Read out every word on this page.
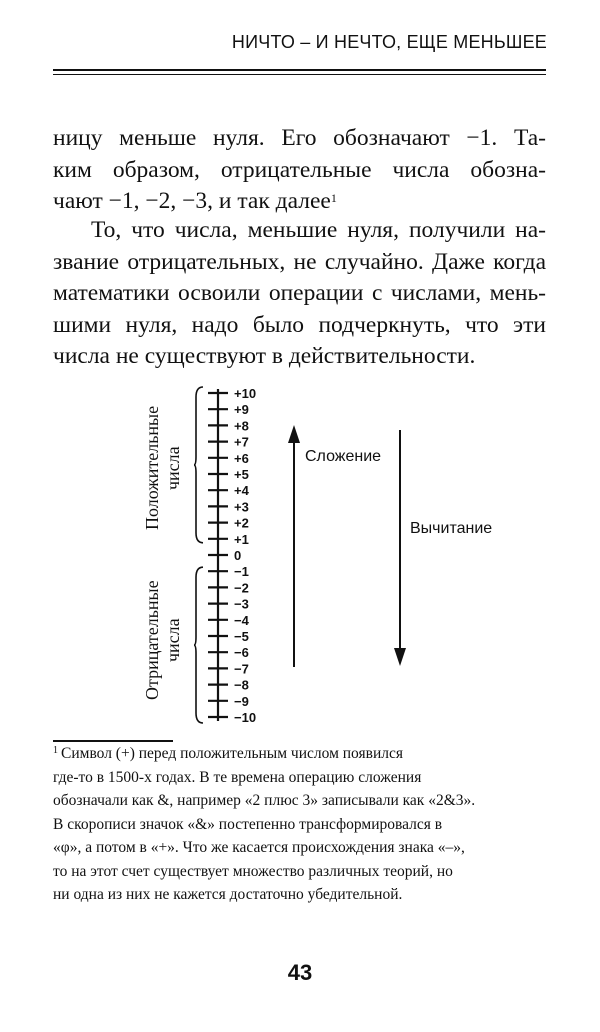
НИЧТО – И НЕЧТО, ЕЩЕ МЕНЬШЕЕ
ницу меньше нуля. Его обозначают −1. Та-
ким образом, отрицательные числа обозна-
чают −1, −2, −3, и так далее$^1$
То, что числа, меньшие нуля, получили на-
звание отрицательных, не случайно. Даже когда
математики освоили операции с числами, мень-
шими нуля, надо было подчеркнуть, что эти
числа не существуют в действительности.
+10
+9
+8
+7
+6
+5
+4
+3
+2
+1
0
−1
−2
−3
−4
−5
−6
−7
−8
−9
−10
Положительные
числа
Отрицательные
числа
Сложение
Вычитание
$^1$ Символ (+) перед положительным числом появился
где-то в 1500-х годах. В те времена операцию сложения
обозначали как &, например «2 плюс 3» записывали как «2&3».
В скорописи значок «&» постепенно трансформировался в
«φ», а потом в «+». Что же касается происхождения знака «–»,
то на этот счет существует множество различных теорий, но
ни одна из них не кажется достаточно убедительной.
43
